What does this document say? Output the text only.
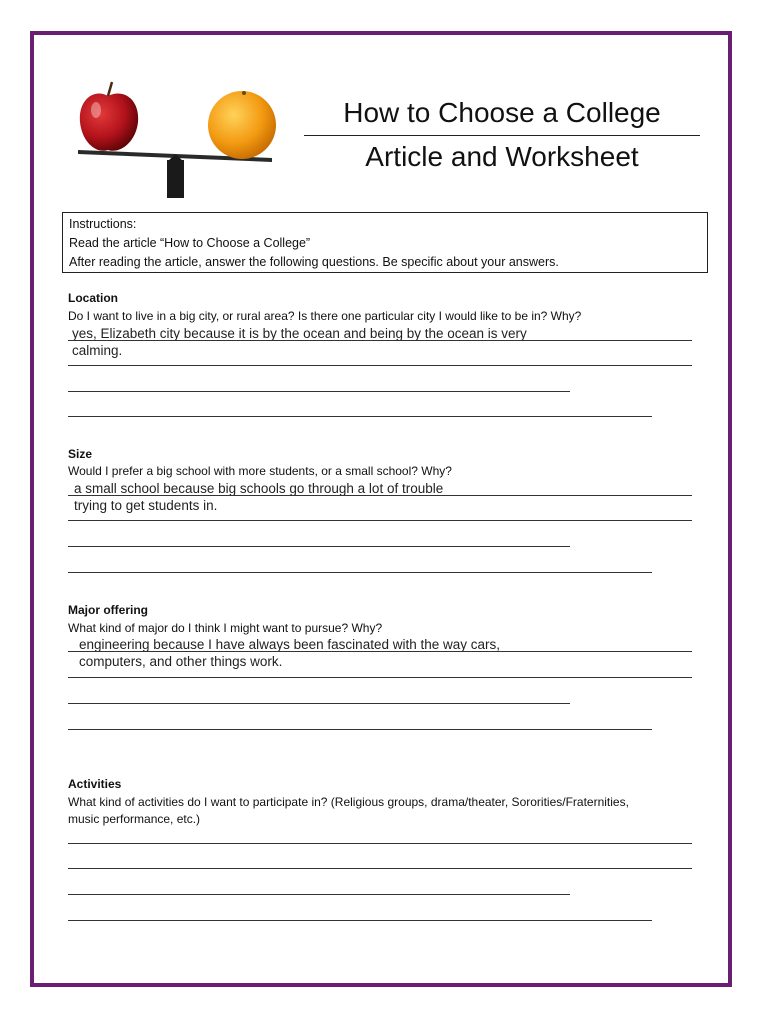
How to Choose a College
Article and Worksheet
Instructions:
Read the article “How to Choose a College”
After reading the article, answer the following questions. Be specific about your answers.
Location
Do I want to live in a big city, or rural area? Is there one particular city I would like to be in? Why?
yes, Elizabeth city because it is by the ocean and being by the ocean is very
calming.
Size
Would I prefer a big school with more students, or a small school? Why?
a small school because big schools go through a lot of trouble
trying to get students in.
Major offering
What kind of major do I think I might want to pursue? Why?
engineering because I have always been fascinated with the way cars,
computers, and other things work.
Activities
What kind of activities do I want to participate in? (Religious groups, drama/theater, Sororities/Fraternities,
music performance, etc.)
